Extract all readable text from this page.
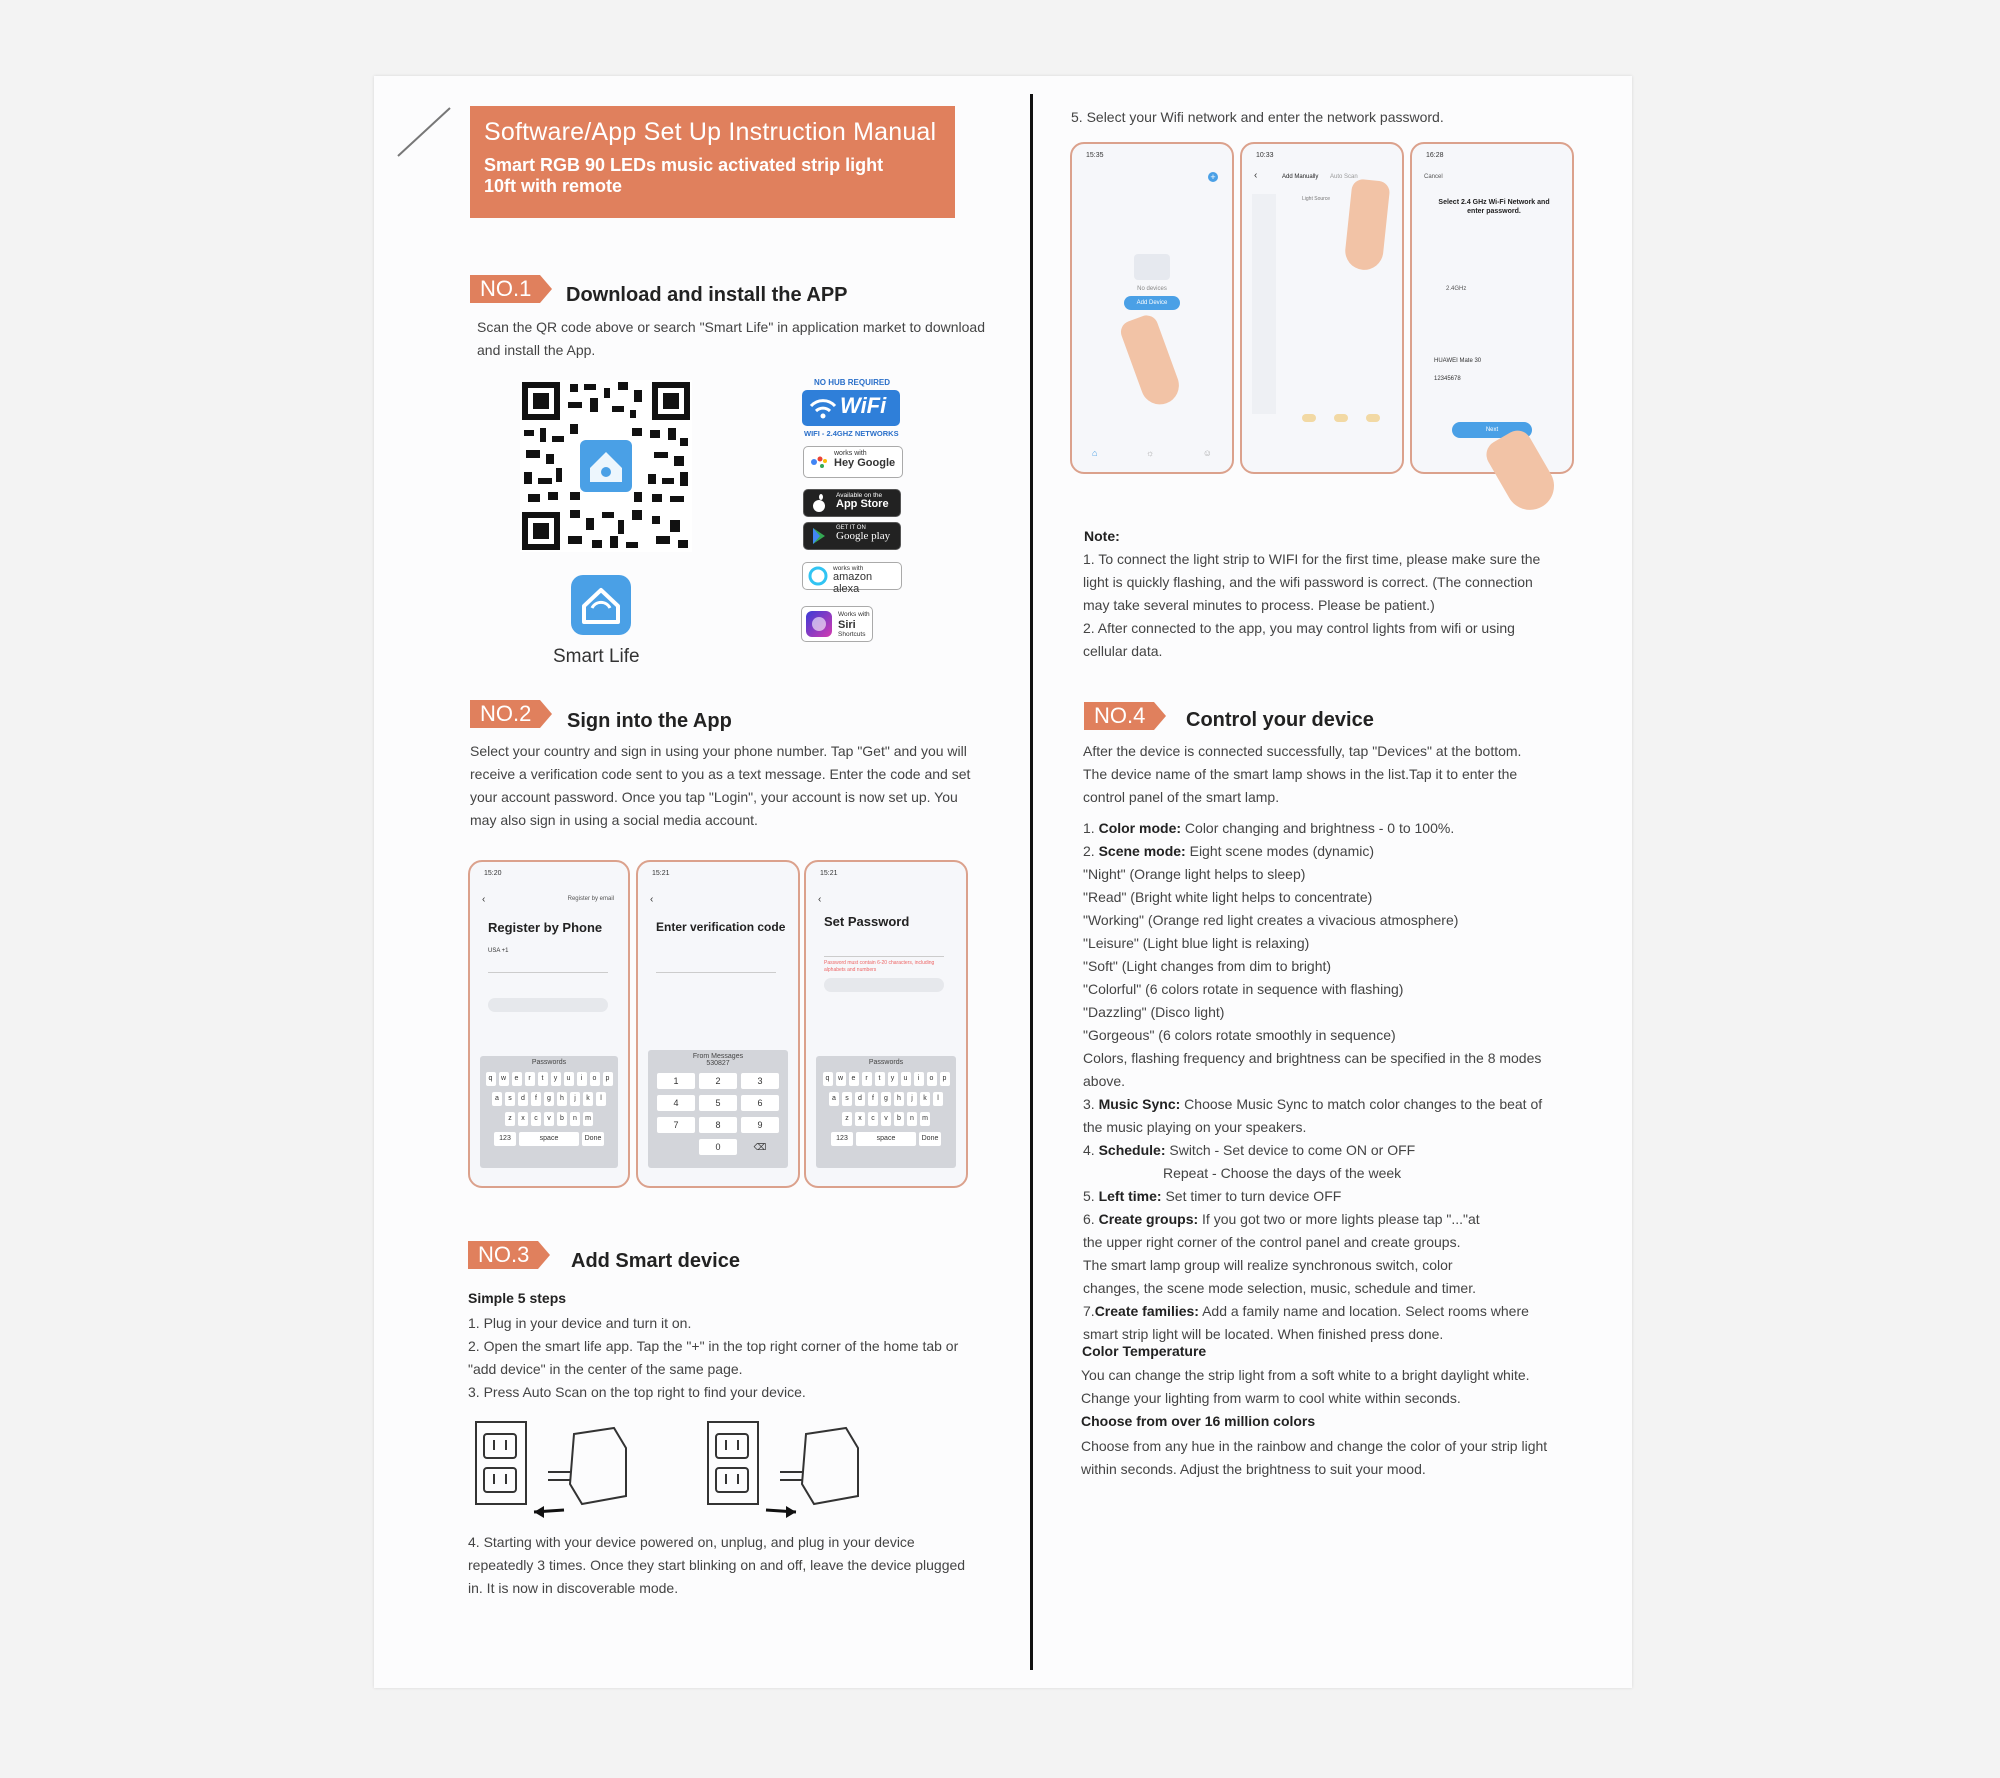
Software/App Set Up Instruction Manual
Smart RGB 90 LEDs music activated strip light
10ft with remote
NO.1	Download and install the APP
Scan the QR code above or search "Smart Life" in application market to download
and install the App.
Smart Life
NO HUB REQUIRED
WiFi
WIFI - 2.4GHZ NETWORKS
works with
Hey Google
Available on the
App Store
GET IT ON
Google play
works with
amazon alexa
Works with
Siri
Shortcuts
NO.2	Sign into the App
Select your country and sign in using your phone number. Tap "Get" and you will
receive a verification code sent to you as a text message. Enter the code and set
your account password. Once you tap "Login", your account is now set up. You
may also sign in using a social media account.
15:20
Register by email
‹
Register by Phone
USA +1
Passwords
q	w	e	r	t	y	u	i	o	p
a	s	d	f	g	h	j	k	l
z	x	c	v	b	n	m
123	space	Done
15:21
‹
Enter verification code
From Messages
530827
1	2	3
4	5	6
7	8	9
0	⌫
15:21
‹
Set Password
Password must contain 6-20 characters, including alphabets and numbers
Passwords
q	w	e	r	t	y	u	i	o	p
a	s	d	f	g	h	j	k	l
z	x	c	v	b	n	m
123	space	Done
NO.3	Add Smart device
Simple 5 steps
1. Plug in your device and turn it on.
2. Open the smart life app. Tap the "+" in the top right corner of the home tab or
"add device" in the center of the same page.
3. Press Auto Scan on the top right to find your device.
4. Starting with your device powered on, unplug, and plug in your device
repeatedly 3 times. Once they start blinking on and off, leave the device plugged
in. It is now in discoverable mode.
5. Select your Wifi network and enter the network password.
15:35
+
No devices
Add Device
⌂	☼	☺
10:33
‹	Add Manually Auto Scan
Light Source
16:28
Cancel
Select 2.4 GHz Wi-Fi Network and enter password.
2.4GHz
HUAWEI Mate 30
12345678
Next
Note:
1. To connect the light strip to WIFI for the first time, please make sure the
light is quickly flashing, and the wifi password is correct. (The connection
may take several minutes to process. Please be patient.)
2. After connected to the app, you may control lights from wifi or using
cellular data.
NO.4	Control your device
After the device is connected successfully, tap "Devices" at the bottom.
The device name of the smart lamp shows in the list.Tap it to enter the
control panel of the smart lamp.
1. Color mode: Color changing and brightness - 0 to 100%.
2. Scene mode: Eight scene modes (dynamic)
"Night" (Orange light helps to sleep)
"Read" (Bright white light helps to concentrate)
"Working" (Orange red light creates a vivacious atmosphere)
"Leisure" (Light blue light is relaxing)
"Soft" (Light changes from dim to bright)
"Colorful" (6 colors rotate in sequence with flashing)
"Dazzling" (Disco light)
"Gorgeous" (6 colors rotate smoothly in sequence)
Colors, flashing frequency and brightness can be specified in the 8 modes
above.
3. Music Sync: Choose Music Sync to match color changes to the beat of
the music playing on your speakers.
4. Schedule: Switch - Set device to come ON or OFF
Repeat - Choose the days of the week
5. Left time: Set timer to turn device OFF
6. Create groups: If you got two or more lights please tap "..."at
the upper right corner of the control panel and create groups.
The smart lamp group will realize synchronous switch, color
changes, the scene mode selection, music, schedule and timer.
7.Create families: Add a family name and location. Select rooms where
smart strip light will be located. When finished press done.
Color Temperature
You can change the strip light from a soft white to a bright daylight white.
Change your lighting from warm to cool white within seconds.
Choose from over 16 million colors
Choose from any hue in the rainbow and change the color of your strip light
within seconds. Adjust the brightness to suit your mood.
